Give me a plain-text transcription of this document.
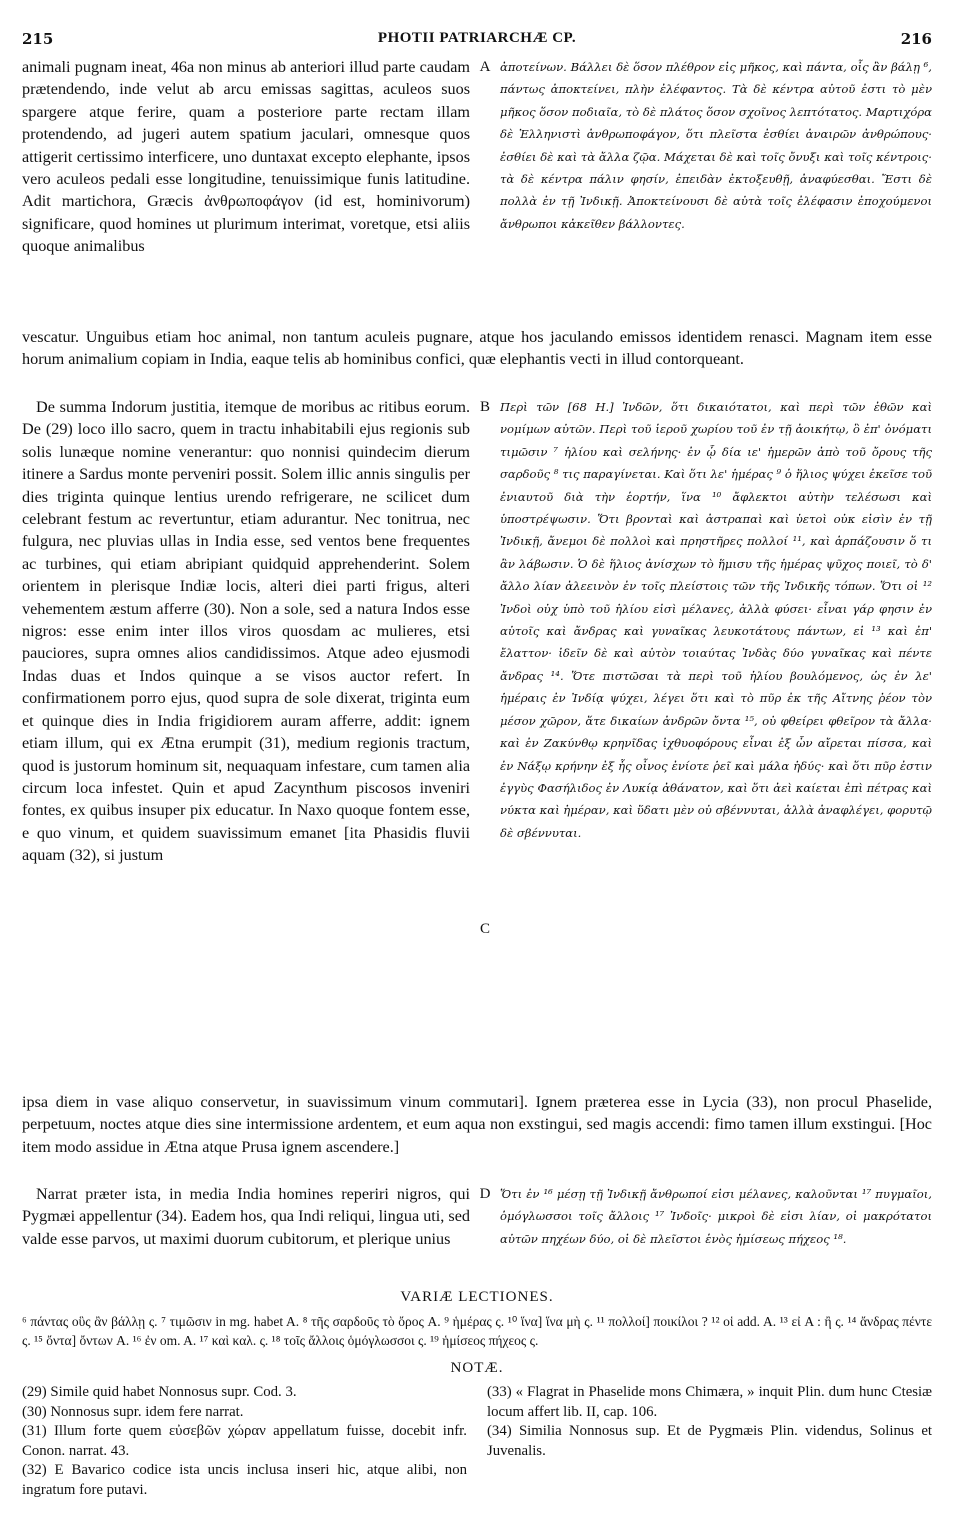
215	PHOTII PATRIARCHÆ CP.	216
animali pugnam ineat, 46a non minus ab anteriori illud parte caudam prætendendo, inde velut ab arcu emissas sagittas, aculeos suos spargere atque ferire, quam a posteriore parte rectam illam protendendo, ad jugeri autem spatium jaculari, omnesque quos attigerit certissimo interficere, uno duntaxat excepto elephante, ipsos vero aculeos pedali esse longitudine, tenuissimique funis latitudine. Adit martichora, Græcis ἀνθρωποφάγον (id est, hominivorum) significare, quod homines ut plurimum interimat, voretque, etsi aliis quoque animalibus
A ἀποτείνων. Βάλλει δὲ ὅσον πλέθρον εἰς μῆκος, καὶ πάντα, οἷς ἂν βάλῃ ⁶, πάντως ἀποκτείνει, πλὴν ἐλέφαντος. Τὰ δὲ κέντρα αὐτοῦ ἐστι τὸ μὲν μῆκος ὅσον ποδιαῖα, τὸ δὲ πλάτος ὅσον σχοῖνος λεπτότατος. Μαρτιχόρα δὲ Ἑλληνιστὶ ἀνθρωποφάγον, ὅτι πλεῖστα ἐσθίει ἀναιρῶν ἀνθρώπους· ἐσθίει δὲ καὶ τὰ ἄλλα ζῷα. Μάχεται δὲ καὶ τοῖς ὄνυξι καὶ τοῖς κέντροις· τὰ δὲ κέντρα πάλιν φησίν, ἐπειδὰν ἐκτοξευθῇ, ἀναφύεσθαι. Ἔστι δὲ πολλὰ ἐν τῇ Ἰνδικῇ. Ἀποκτείνουσι δὲ αὐτὰ τοῖς ἐλέφασιν ἐποχούμενοι ἄνθρωποι κἀκεῖθεν βάλλοντες.
vescatur. Unguibus etiam hoc animal, non tantum aculeis pugnare, atque hos jaculando emissos identidem renasci. Magnam item esse horum animalium copiam in India, eaque telis ab hominibus confici, quæ elephantis vecti in illud contorqueant.
De summa Indorum justitia, itemque de moribus ac ritibus eorum. De (29) loco illo sacro, quem in tractu inhabitabili ejus regionis sub solis lunæque nomine venerantur: quo nonnisi quindecim dierum itinere a Sardus monte perveniri possit. Solem illic annis singulis per dies triginta quinque lentius urendo refrigerare, ne scilicet dum celebrant festum ac revertuntur, etiam adurantur. Nec tonitrua, nec fulgura, nec pluvias ullas in India esse, sed ventos bene frequentes ac turbines, qui etiam abripiant quidquid apprehenderint. Solem orientem in plerisque Indiæ locis, alteri diei parti frigus, alteri vehementem æstum afferre (30). Non a sole, sed a natura Indos esse nigros: esse enim inter illos viros quosdam ac mulieres, etsi pauciores, supra omnes alios candidissimos. Atque adeo ejusmodi Indas duas et Indos quinque a se visos auctor refert. In confirmationem porro ejus, quod supra de sole dixerat, triginta eum et quinque dies in India frigidiorem auram afferre, addit: ignem etiam illum, qui ex Ætna erumpit (31), medium regionis tractum, quod is justorum hominum sit, nequaquam infestare, cum tamen alia circum loca infestet. Quin et apud Zacynthum piscosos inveniri fontes, ex quibus insuper pix educatur. In Naxo quoque fontem esse, e quo vinum, et quidem suavissimum emanet [ita Phasidis fluvii aquam (32), si justum
B
C
Περὶ τῶν [68 H.] Ἰνδῶν, ὅτι δικαιότατοι, καὶ περὶ τῶν ἐθῶν καὶ νομίμων αὐτῶν. Περὶ τοῦ ἱεροῦ χωρίου τοῦ ἐν τῇ ἀοικήτῳ, ὃ ἐπ' ὀνόματι τιμῶσιν ⁷ ἡλίου καὶ σελήνης· ἐν ᾧ δία ιε' ἡμερῶν ἀπὸ τοῦ ὄρους τῆς σαρδοῦς ⁸ τις παραγίνεται. Καὶ ὅτι λε' ἡμέρας ⁹ ὁ ἥλιος ψύχει ἐκεῖσε τοῦ ἐνιαυτοῦ διὰ τὴν ἑορτήν, ἵνα ¹⁰ ἄφλεκτοι αὐτὴν τελέσωσι καὶ ὑποστρέψωσιν. Ὅτι βρονταὶ καὶ ἀστραπαὶ καὶ ὑετοὶ οὐκ εἰσὶν ἐν τῇ Ἰνδικῇ, ἄνεμοι δὲ πολλοὶ καὶ πρηστῆρες πολλοί ¹¹, καὶ ἁρπάζουσιν ὅ τι ἂν λάβωσιν. Ὁ δὲ ἥλιος ἀνίσχων τὸ ἥμισυ τῆς ἡμέρας ψῦχος ποιεῖ, τὸ δ' ἄλλο λίαν ἀλεεινὸν ἐν τοῖς πλείστοις τῶν τῆς Ἰνδικῆς τόπων. Ὅτι οἱ ¹² Ἰνδοὶ οὐχ ὑπὸ τοῦ ἡλίου εἰσὶ μέλανες, ἀλλὰ φύσει· εἶναι γάρ φησιν ἐν αὐτοῖς καὶ ἄνδρας καὶ γυναῖκας λευκοτάτους πάντων, εἰ ¹³ καὶ ἐπ' ἔλαττον· ἰδεῖν δὲ καὶ αὐτὸν τοιαύτας Ἰνδὰς δύο γυναῖκας καὶ πέντε ἄνδρας ¹⁴. Ὅτε πιστῶσαι τὰ περὶ τοῦ ἡλίου βουλόμενος, ὡς ἐν λε' ἡμέραις ἐν Ἰνδίᾳ ψύχει, λέγει ὅτι καὶ τὸ πῦρ ἐκ τῆς Αἴτνης ῥέον τὸν μέσον χῶρον, ἅτε δικαίων ἀνδρῶν ὄντα ¹⁵, οὐ φθείρει φθεῖρον τὰ ἄλλα· καὶ ἐν Ζακύνθῳ κρηνῖδας ἰχθυοφόρους εἶναι ἐξ ὧν αἴρεται πίσσα, καὶ ἐν Νάξῳ κρήνην ἐξ ἧς οἶνος ἐνίοτε ῥεῖ καὶ μάλα ἡδύς· καὶ ὅτι πῦρ ἐστιν ἐγγὺς Φασήλιδος ἐν Λυκίᾳ ἀθάνατον, καὶ ὅτι ἀεὶ καίεται ἐπὶ πέτρας καὶ νύκτα καὶ ἡμέραν, καὶ ὕδατι μὲν οὐ σβέννυται, ἀλλὰ ἀναφλέγει, φορυτῷ δὲ σβέννυται.
ipsa diem in vase aliquo conservetur, in suavissimum vinum commutari]. Ignem præterea esse in Lycia (33), non procul Phaselide, perpetuum, noctes atque dies sine intermissione ardentem, et eum aqua non exstingui, sed magis accendi: fimo tamen illum exstingui. [Hoc item modo assidue in Ætna atque Prusa ignem ascendere.]
Narrat præter ista, in media India homines reperiri nigros, qui Pygmæi appellentur (34). Eadem hos, qua Indi reliqui, lingua uti, sed valde esse parvos, ut maximi duorum cubitorum, et plerique unius
D Ὅτι ἐν ¹⁶ μέσῃ τῇ Ἰνδικῇ ἄνθρωποί εἰσι μέλανες, καλοῦνται ¹⁷ πυγμαῖοι, ὁμόγλωσσοι τοῖς ἄλλοις ¹⁷ Ἰνδοῖς· μικροὶ δὲ εἰσι λίαν, οἱ μακρότατοι αὐτῶν πηχέων δύο, οἱ δὲ πλεῖστοι ἑνὸς ἡμίσεως πήχεος ¹⁸.
VARIÆ LECTIONES.
⁶ πάντας οὓς ἂν βάλλῃ ς. ⁷ τιμῶσιν in mg. habet A. ⁸ τῆς σαρδοῦς τὸ ὄρος A. ⁹ ἡμέρας ς. ¹⁰ ἵνα] ἵνα μὴ ς. ¹¹ πολλοί] ποικίλοι ? ¹² οἱ add. A. ¹³ εἰ A : ἢ ς. ¹⁴ ἄνδρας πέντε ς. ¹⁵ ὄντα] ὄντων A. ¹⁶ ἐν om. A. ¹⁷ καὶ καλ. ς. ¹⁸ τοῖς ἄλλοις ὁμόγλωσσοι ς. ¹⁹ ἡμίσεος πήχεος ς.
NOTÆ.

(29) Simile quid habet Nonnosus supr. Cod. 3.

(30) Nonnosus supr. idem fere narrat.

(31) Illum forte quem εὐσεβῶν χώραν appellatum fuisse, docebit infr. Conon. narrat. 43.

(32) E Bavarico codice ista uncis inclusa inseri hic, atque alibi, non ingratum fore putavi.

(33) « Flagrat in Phaselide mons Chimæra, » inquit Plin. dum hunc Ctesiæ locum affert lib. II, cap. 106.

(34) Similia Nonnosus sup. Et de Pygmæis Plin. videndus, Solinus et Juvenalis.
